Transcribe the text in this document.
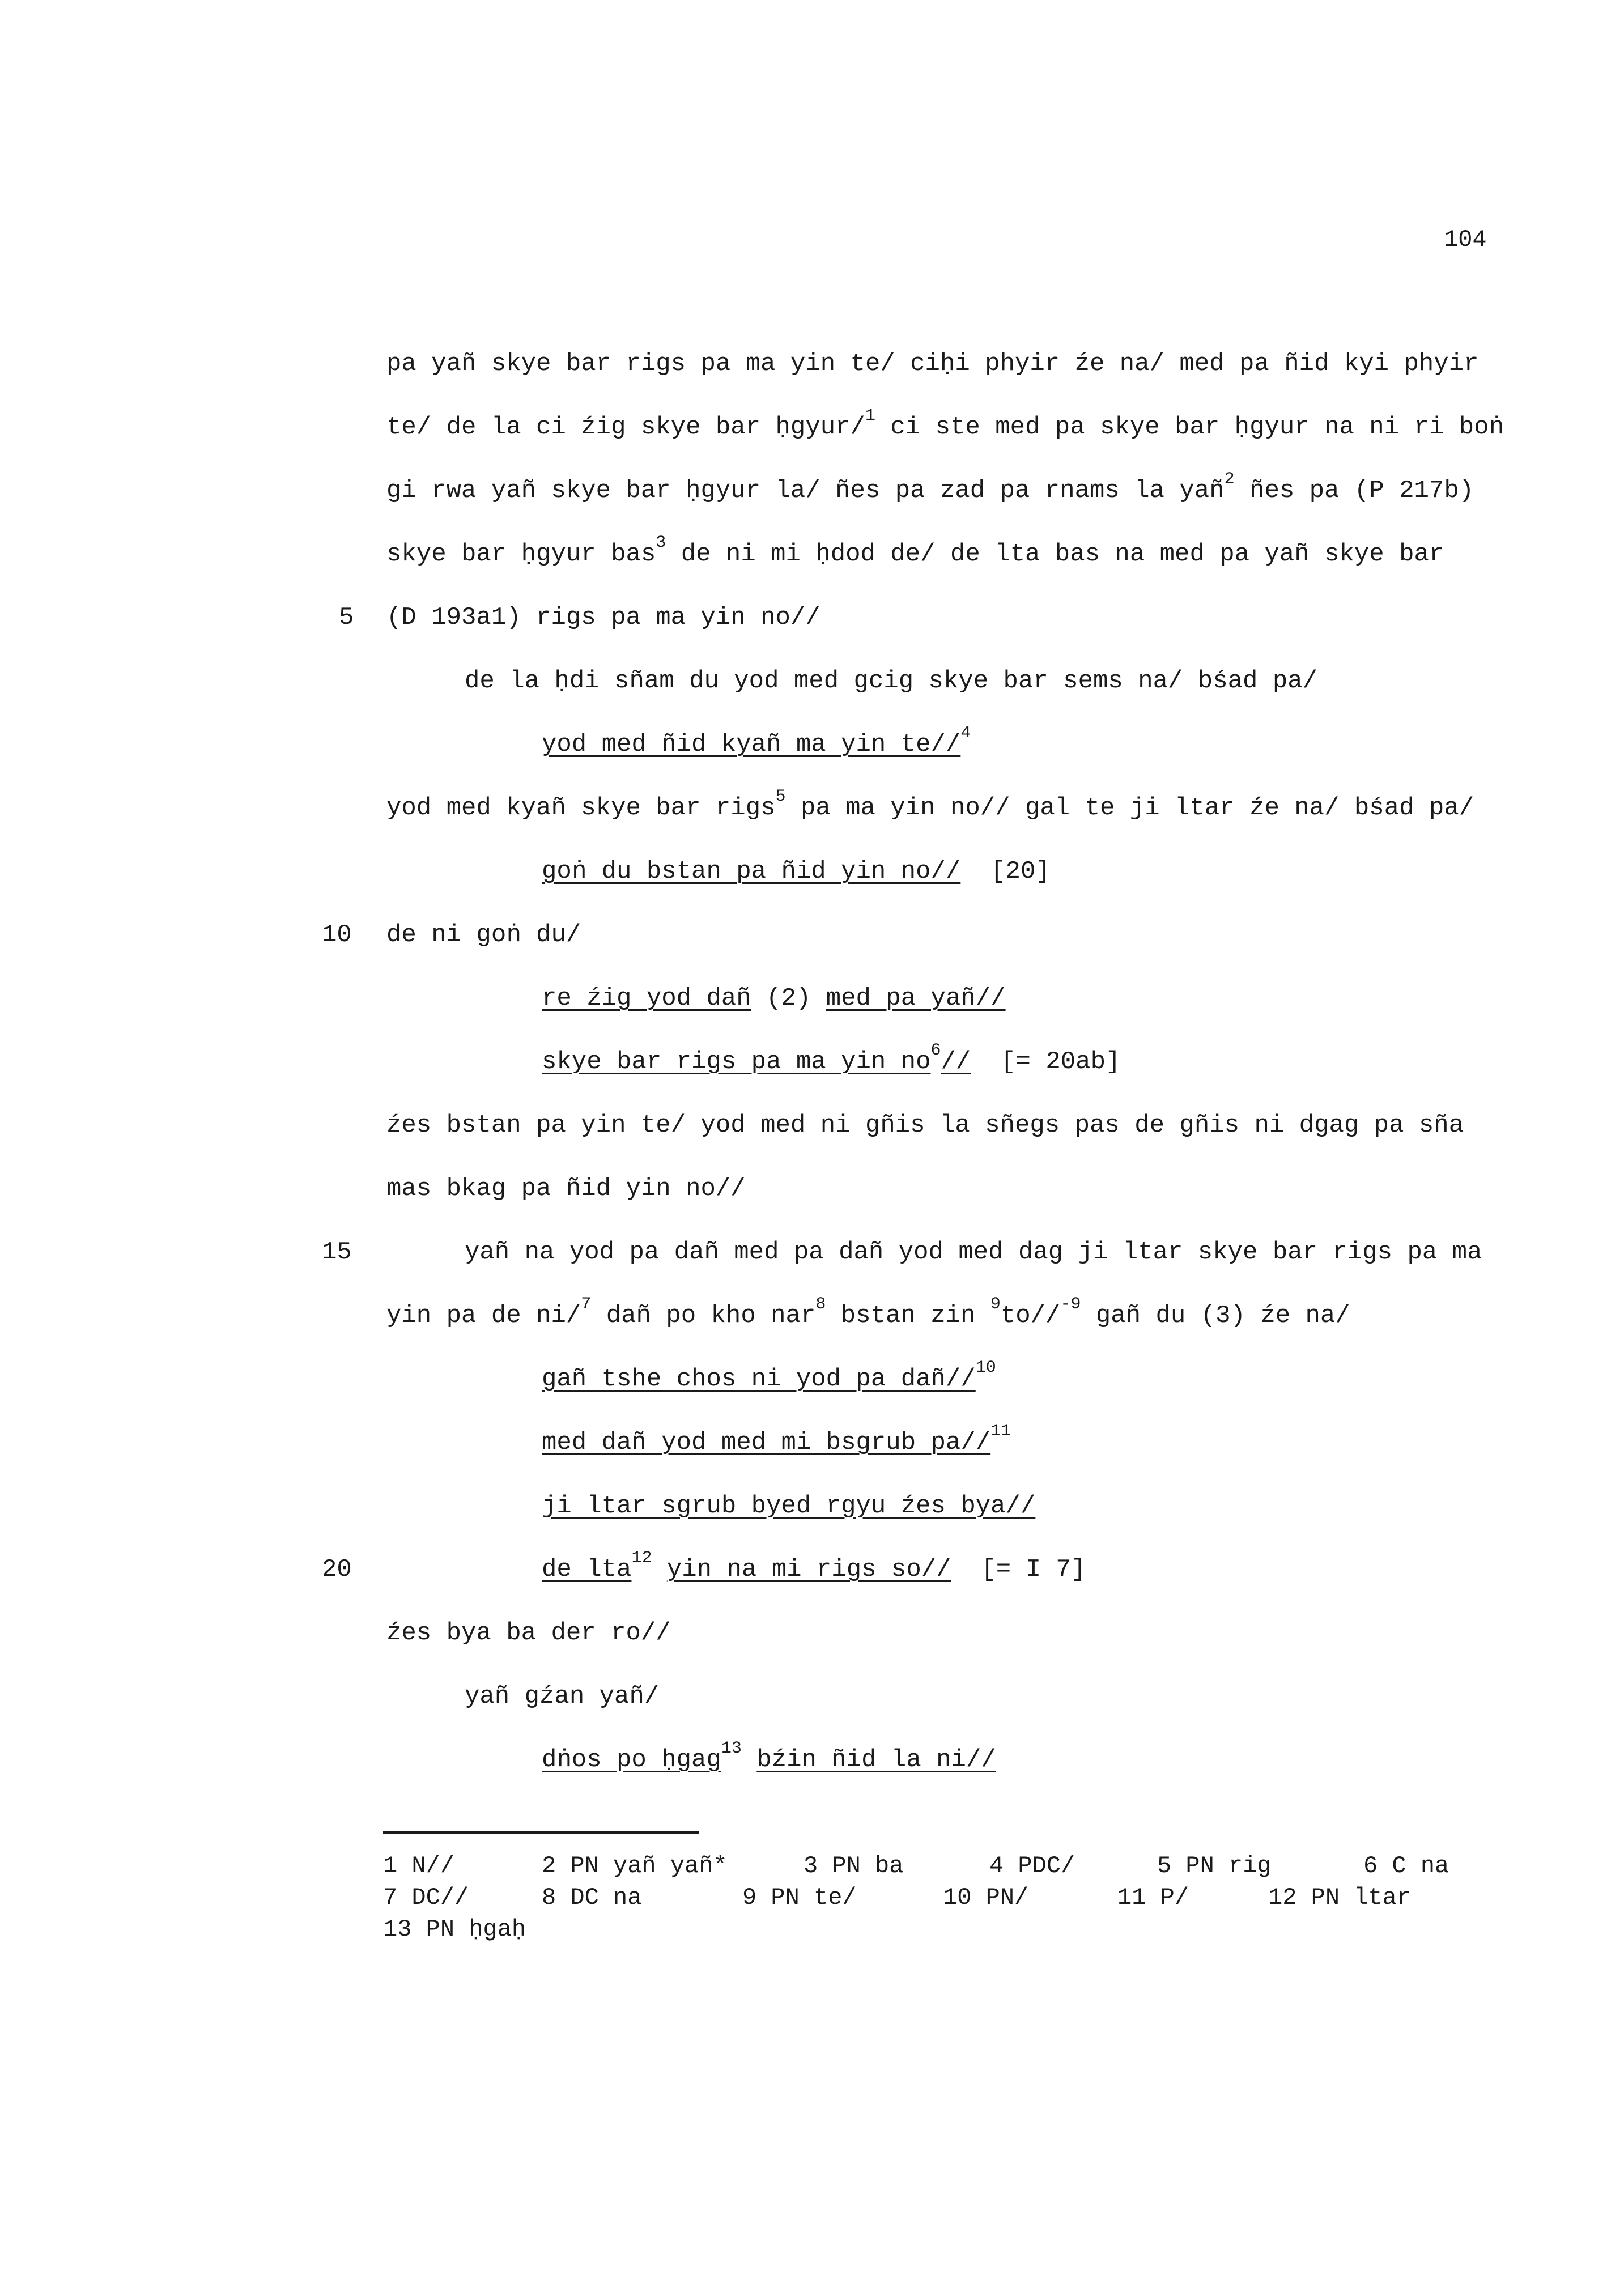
104
pa yañ skye bar rigs pa ma yin te/ ciḥi phyir źe na/ med pa ñid kyi phyir
te/ de la ci źig skye bar ḥgyur/$^1$ ci ste med pa skye bar ḥgyur na ni ri boṅ
gi rwa yañ skye bar ḥgyur la/ ñes pa zad pa rnams la yañ$^2$ ñes pa (P 217b)
skye bar ḥgyur bas$^3$ de ni mi ḥdod de/ de lta bas na med pa yañ skye bar
5 (D 193a1) rigs pa ma yin no//
de la ḥdi sñam du yod med gcig skye bar sems na/ bśad pa/
yod med ñid kyañ ma yin te//$^4$
yod med kyañ skye bar rigs$^5$ pa ma yin no// gal te ji ltar źe na/ bśad pa/
goṅ du bstan pa ñid yin no// [20]
10 de ni goṅ du/
re źig yod dañ (2) med pa yañ//
skye bar rigs pa ma yin $no^6//$ [= 20ab]
źes bstan pa yin te/ yod med ni gñis la sñegs pas de gñis ni dgag pa sña
mas bkag pa ñid yin no//
15	yañ na yod pa dañ med pa dañ yod med dag ji ltar skye bar rigs pa ma
yin pa de ni/$^7$ dañ po kho nar$^8$ bstan zin $^9$to//$^{-9}$ gañ du (3) źe na/
gañ tshe chos ni yod pa dañ//$^{10}$
med dañ yod med mi bsgrub pa//$^{11}$
ji ltar sgrub byed rgyu źes bya//
20	de lta$^{12}$ yin na mi rigs so// [= I 7]
źes bya ba der ro//
yañ gźan yañ/
dṅos po ḥgag$^{13}$ bźin ñid la ni//
1 N//	2 PN yañ yañ*	3 PN ba	4 PDC/	5 PN rig	6 C na
7 DC//	8 DC na	9 PN te/	10 PN/	11 P/	12 PN ltar
13 PN ḥgaḥ
